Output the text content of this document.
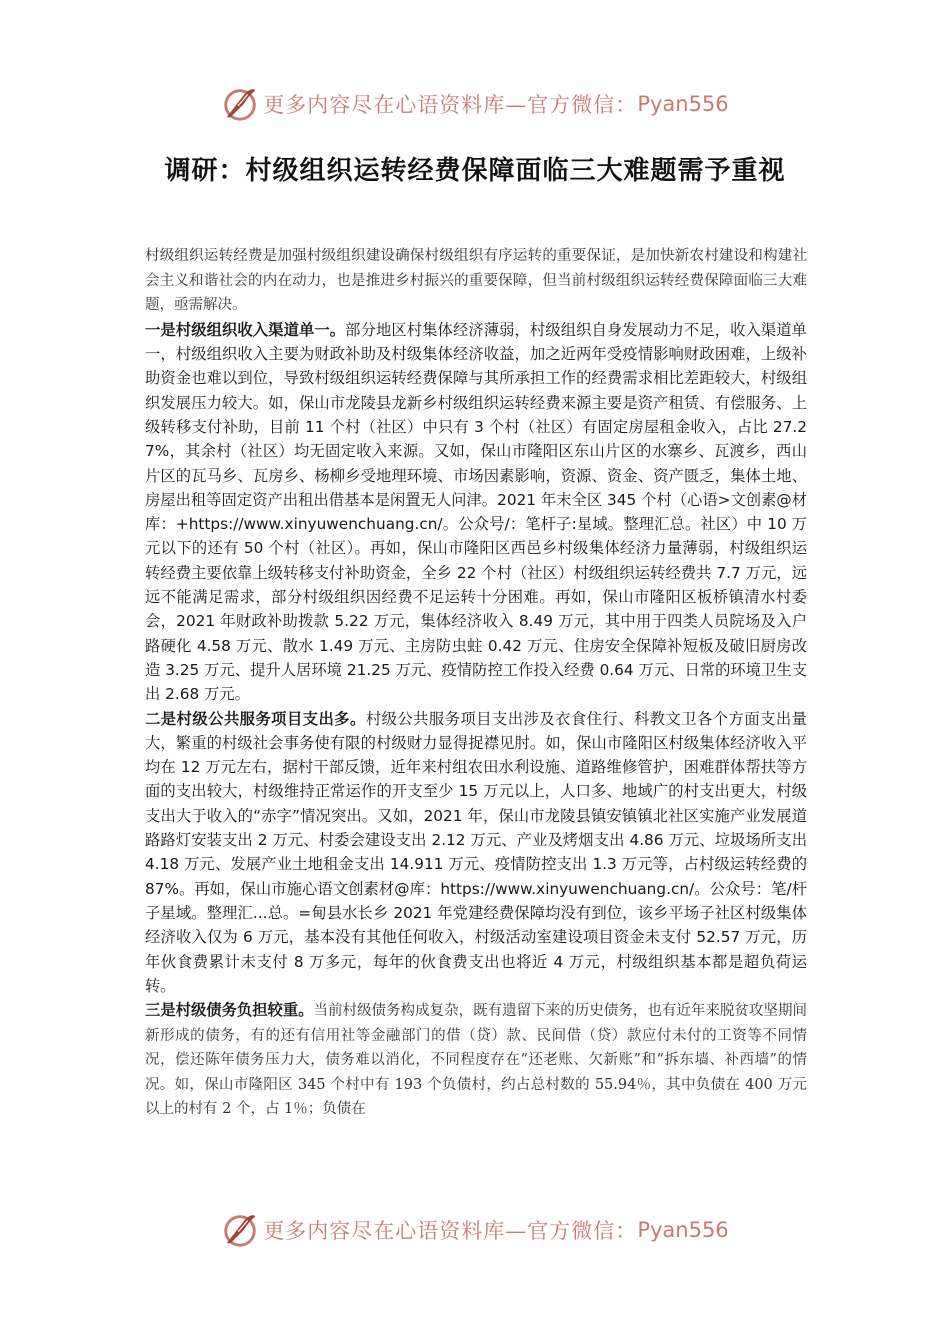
更多内容尽在心语资料库—官方微信： Pyan556
调研：村级组织运转经费保障面临三大难题需予重视

村级组织运转经费是加强村级组织建设确保村级组织有序运转的重要保证，是加快新农村建设和构建社会主义和谐社会的内在动力，也是推进乡村振兴的重要保障，但当前村级组织运转经费保障面临三大难题，亟需解决。

一是村级组织收入渠道单一。部分地区村集体经济薄弱，村级组织自身发展动力不足，收入渠道单一，村级组织收入主要为财政补助及村级集体经济收益，加之近两年受疫情影响财政困难，上级补助资金也难以到位，导致村级组织运转经费保障与其所承担工作的经费需求相比差距较大，村级组织发展压力较大。如，保山市龙陵县龙新乡村级组织运转经费来源主要是资产租赁、有偿服务、上级转移支付补助，目前 11 个村（社区）中只有 3 个村（社区）有固定房屋租金收入，占比 27.27%，其余村（社区）均无固定收入来源。又如，保山市隆阳区东山片区的水寨乡、瓦渡乡，西山片区的瓦马乡、瓦房乡、杨柳乡受地理环境、市场因素影响，资源、资金、资产匮乏，集体土地、房屋出租等固定资产出租出借基本是闲置无人问津。2021 年末全区 345 个村（心语>文创素@材库：+https://www.xinyuwenchuang.cn/。公众号/：笔杆子:星域。整理汇总。社区）中 10 万元以下的还有 50 个村（社区）。再如，保山市隆阳区西邑乡村级集体经济力量薄弱，村级组织运转经费主要依靠上级转移支付补助资金，全乡 22 个村（社区）村级组织运转经费共 7.7 万元，远远不能满足需求，部分村级组织因经费不足运转十分困难。再如，保山市隆阳区板桥镇清水村委会，2021 年财政补助拨款 5.22 万元，集体经济收入 8.49 万元，其中用于四类人员院场及入户路硬化 4.58 万元、散水 1.49 万元、主房防虫蛀 0.42 万元、住房安全保障补短板及破旧厨房改造 3.25 万元、提升人居环境 21.25 万元、疫情防控工作投入经费 0.64 万元、日常的环境卫生支出 2.68 万元。

二是村级公共服务项目支出多。村级公共服务项目支出涉及衣食住行、科教文卫各个方面支出量大，繁重的村级社会事务使有限的村级财力显得捉襟见肘。如，保山市隆阳区村级集体经济收入平均在 12 万元左右，据村干部反馈，近年来村组农田水利设施、道路维修管护，困难群体帮扶等方面的支出较大，村级维持正常运作的开支至少 15 万元以上，人口多、地域广的村支出更大，村级支出大于收入的“赤字”情况突出。又如，2021 年，保山市龙陵县镇安镇镇北社区实施产业发展道路路灯安装支出 2 万元、村委会建设支出 2.12 万元、产业及烤烟支出 4.86 万元、垃圾场所支出 4.18 万元、发展产业土地租金支出 14.911 万元、疫情防控支出 1.3 万元等，占村级运转经费的 87%。再如，保山市施心语文创素材@库：https://www.xinyuwenchuang.cn/。公众号：笔/杆子星域。整理汇...总。=甸县水长乡 2021 年党建经费保障均没有到位，该乡平场子社区村级集体经济收入仅为 6 万元，基本没有其他任何收入，村级活动室建设项目资金未支付 52.57 万元，历年伙食费累计未支付 8 万多元，每年的伙食费支出也将近 4 万元，村级组织基本都是超负荷运转。

三是村级债务负担较重。当前村级债务构成复杂，既有遗留下来的历史债务，也有近年来脱贫攻坚期间新形成的债务，有的还有信用社等金融部门的借（贷）款、民间借（贷）款应付未付的工资等不同情况，偿还陈年债务压力大，债务难以消化，不同程度存在“还老账、欠新账”和“拆东墙、补西墙”的情况。如，保山市隆阳区 345 个村中有 193 个负债村，约占总村数的 55.94％，其中负债在 400 万元以上的村有 2 个，占 1％；负债在

更多内容尽在心语资料库—官方微信： Pyan556
